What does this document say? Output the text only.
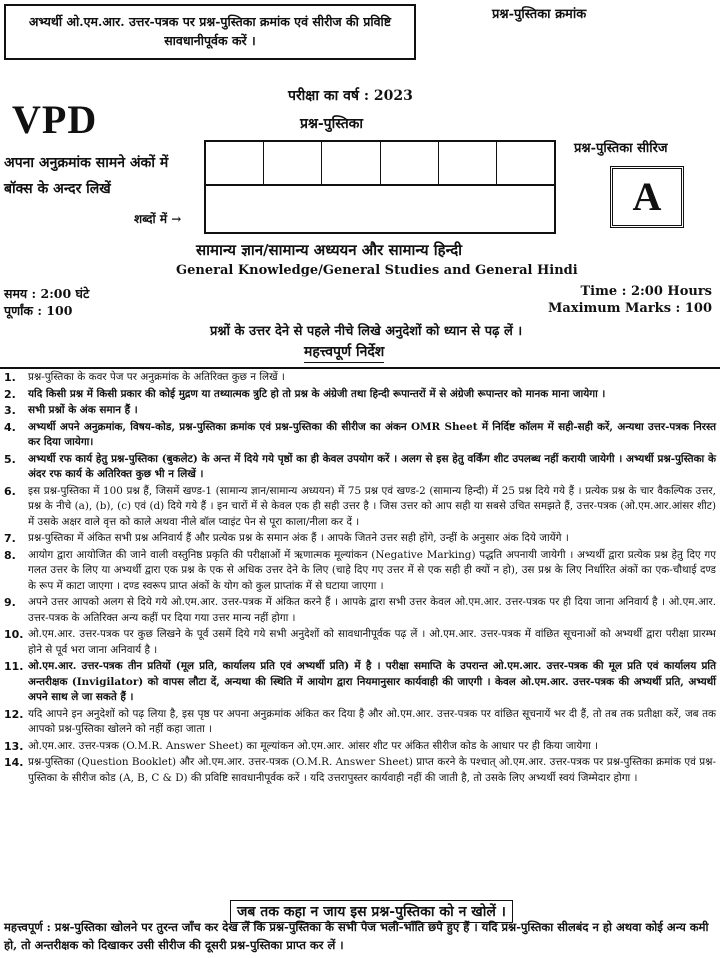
अभ्यर्थी ओ.एम.आर. उत्तर-पत्रक पर प्रश्न-पुस्तिका क्रमांक एवं सीरीज की प्रविष्टि सावधानीपूर्वक करें ।
प्रश्न-पुस्तिका क्रमांक
परीक्षा का वर्ष : 2023
VPD	प्रश्न-पुस्तिका
प्रश्न-पुस्तिका सीरिज
A
अपना अनुक्रमांक सामने अंकों में
बॉक्स के अन्दर लिखें
शब्दों में →
सामान्य ज्ञान/सामान्य अध्ययन और सामान्य हिन्दी
General Knowledge/General Studies and General Hindi
समय : 2:00 घंटे
पूर्णांक : 100
Time : 2:00 Hours
Maximum Marks : 100
प्रश्नों के उत्तर देने से पहले नीचे लिखे अनुदेशों को ध्यान से पढ़ लें ।
महत्त्वपूर्ण निर्देश
1.	प्रश्न-पुस्तिका के कवर पेज पर अनुक्रमांक के अतिरिक्त कुछ न लिखें ।
2.	यदि किसी प्रश्न में किसी प्रकार की कोई मुद्रण या तथ्यात्मक त्रुटि हो तो प्रश्न के अंग्रेजी तथा हिन्दी रूपान्तरों में से अंग्रेजी रूपान्तर को मानक माना जायेगा ।
3.	सभी प्रश्नों के अंक समान हैं ।
4.	अभ्यर्थी अपने अनुक्रमांक, विषय-कोड, प्रश्न-पुस्तिका क्रमांक एवं प्रश्न-पुस्तिका की सीरीज का अंकन OMR Sheet में निर्दिष्ट कॉलम में सही-सही करें, अन्यथा उत्तर-पत्रक निरस्त कर दिया जायेगा।
5.	अभ्यर्थी रफ कार्य हेतु प्रश्न-पुस्तिका (बुकलेट) के अन्त में दिये गये पृष्ठों का ही केवल उपयोग करें । अलग से इस हेतु वर्किंग शीट उपलब्ध नहीं करायी जायेगी । अभ्यर्थी प्रश्न-पुस्तिका के अंदर रफ कार्य के अतिरिक्त कुछ भी न लिखें ।
6.	इस प्रश्न-पुस्तिका में 100 प्रश्न हैं, जिसमें खण्ड-1 (सामान्य ज्ञान/सामान्य अध्ययन) में 75 प्रश्न एवं खण्ड-2 (सामान्य हिन्दी) में 25 प्रश्न दिये गये हैं । प्रत्येक प्रश्न के चार वैकल्पिक उत्तर, प्रश्न के नीचे (a), (b), (c) एवं (d) दिये गये हैं । इन चारों में से केवल एक ही सही उत्तर है । जिस उत्तर को आप सही या सबसे उचित समझते हैं, उत्तर-पत्रक (ओ.एम.आर.आंसर शीट) में उसके अक्षर वाले वृत्त को काले अथवा नीले बॉल प्वाइंट पेन से पूरा काला/नीला कर दें ।
7.	प्रश्न-पुस्तिका में अंकित सभी प्रश्न अनिवार्य हैं और प्रत्येक प्रश्न के समान अंक हैं । आपके जितने उत्तर सही होंगे, उन्हीं के अनुसार अंक दिये जायेंगे ।
8.	आयोग द्वारा आयोजित की जाने वाली वस्तुनिष्ठ प्रकृति की परीक्षाओं में ऋणात्मक मूल्यांकन (Negative Marking) पद्धति अपनायी जायेगी । अभ्यर्थी द्वारा प्रत्येक प्रश्न हेतु दिए गए गलत उत्तर के लिए या अभ्यर्थी द्वारा एक प्रश्न के एक से अधिक उत्तर देने के लिए (चाहे दिए गए उत्तर में से एक सही ही क्यों न हो), उस प्रश्न के लिए निर्धारित अंकों का एक-चौथाई दण्ड के रूप में काटा जाएगा । दण्ड स्वरूप प्राप्त अंकों के योग को कुल प्राप्तांक में से घटाया जाएगा ।
9.	अपने उत्तर आपको अलग से दिये गये ओ.एम.आर. उत्तर-पत्रक में अंकित करने हैं । आपके द्वारा सभी उत्तर केवल ओ.एम.आर. उत्तर-पत्रक पर ही दिया जाना अनिवार्य है । ओ.एम.आर. उत्तर-पत्रक के अतिरिक्त अन्य कहीं पर दिया गया उत्तर मान्य नहीं होगा ।
10. ओ.एम.आर. उत्तर-पत्रक पर कुछ लिखने के पूर्व उसमें दिये गये सभी अनुदेशों को सावधानीपूर्वक पढ़ लें । ओ.एम.आर. उत्तर-पत्रक में वांछित सूचनाओं को अभ्यर्थी द्वारा परीक्षा प्रारम्भ होने से पूर्व भरा जाना अनिवार्य है ।
11. ओ.एम.आर. उत्तर-पत्रक तीन प्रतियों (मूल प्रति, कार्यालय प्रति एवं अभ्यर्थी प्रति) में है । परीक्षा समाप्ति के उपरान्त ओ.एम.आर. उत्तर-पत्रक की मूल प्रति एवं कार्यालय प्रति अन्तरीक्षक (Invigilator) को वापस लौटा दें, अन्यथा की स्थिति में आयोग द्वारा नियमानुसार कार्यवाही की जाएगी । केवल ओ.एम.आर. उत्तर-पत्रक की अभ्यर्थी प्रति, अभ्यर्थी अपने साथ ले जा सकते हैं ।
12. यदि आपने इन अनुदेशों को पढ़ लिया है, इस पृष्ठ पर अपना अनुक्रमांक अंकित कर दिया है और ओ.एम.आर. उत्तर-पत्रक पर वांछित सूचनायें भर दी हैं, तो तब तक प्रतीक्षा करें, जब तक आपको प्रश्न-पुस्तिका खोलने को नहीं कहा जाता ।
13. ओ.एम.आर. उत्तर-पत्रक (O.M.R. Answer Sheet) का मूल्यांकन ओ.एम.आर. आंसर शीट पर अंकित सीरीज कोड के आधार पर ही किया जायेगा ।
14. प्रश्न-पुस्तिका (Question Booklet) और ओ.एम.आर. उत्तर-पत्रक (O.M.R. Answer Sheet) प्राप्त करने के पश्चात् ओ.एम.आर. उत्तर-पत्रक पर प्रश्न-पुस्तिका क्रमांक एवं प्रश्न-पुस्तिका के सीरीज कोड (A, B, C & D) की प्रविष्टि सावधानीपूर्वक करें । यदि उत्तरापुस्तर कार्यवाही नहीं की जाती है, तो उसके लिए अभ्यर्थी स्वयं जिम्मेदार होगा ।
जब तक कहा न जाय इस प्रश्न-पुस्तिका को न खोलें ।
महत्त्वपूर्ण : प्रश्न-पुस्तिका खोलने पर तुरन्त जाँच कर देख लें कि प्रश्न-पुस्तिका के सभी पेज भली-भाँति छपे हुए हैं । यदि प्रश्न-पुस्तिका सीलबंद न हो अथवा कोई अन्य कमी हो, तो अन्तरीक्षक को दिखाकर उसी सीरीज की दूसरी प्रश्न-पुस्तिका प्राप्त कर लें ।
